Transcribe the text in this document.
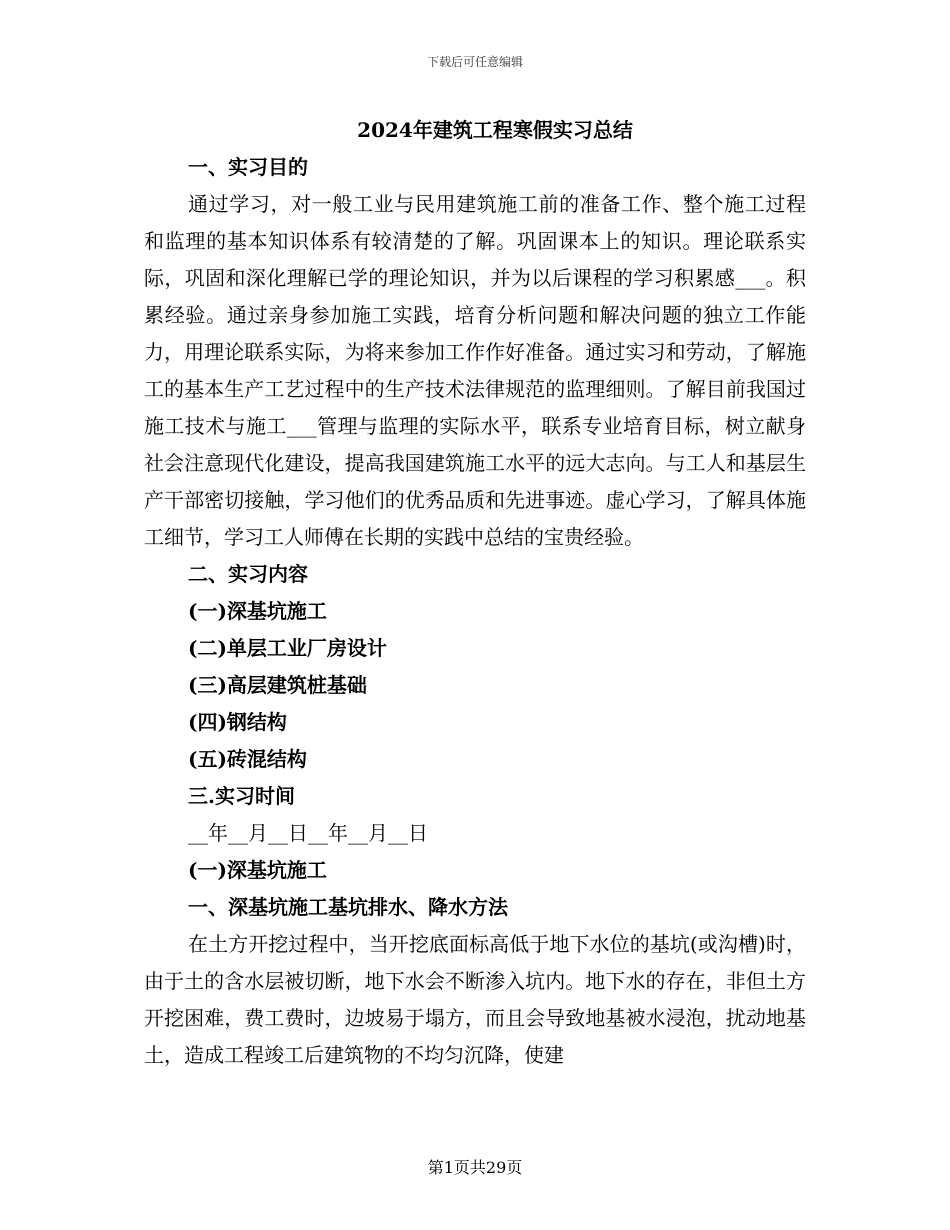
下载后可任意编辑
2024年建筑工程寒假实习总结
一、实习目的

通过学习，对一般工业与民用建筑施工前的准备工作、整个施工过程和监理的基本知识体系有较清楚的了解。巩固课本上的知识。理论联系实际，巩固和深化理解已学的理论知识，并为以后课程的学习积累感___。积累经验。通过亲身参加施工实践，培育分析问题和解决问题的独立工作能力，用理论联系实际，为将来参加工作作好准备。通过实习和劳动，了解施工的基本生产工艺过程中的生产技术法律规范的监理细则。了解目前我国过施工技术与施工___管理与监理的实际水平，联系专业培育目标，树立献身社会注意现代化建设，提高我国建筑施工水平的远大志向。与工人和基层生产干部密切接触，学习他们的优秀品质和先进事迹。虚心学习，了解具体施工细节，学习工人师傅在长期的实践中总结的宝贵经验。

二、实习内容
(一)深基坑施工
(二)单层工业厂房设计
(三)高层建筑桩基础
(四)钢结构
(五)砖混结构
三.实习时间
__年__月__日__年__月__日
(一)深基坑施工
一、深基坑施工基坑排水、降水方法

在土方开挖过程中，当开挖底面标高低于地下水位的基坑(或沟槽)时，由于土的含水层被切断，地下水会不断渗入坑内。地下水的存在，非但土方开挖困难，费工费时，边坡易于塌方，而且会导致地基被水浸泡，扰动地基土，造成工程竣工后建筑物的不均匀沉降，使建

第1页共29页
